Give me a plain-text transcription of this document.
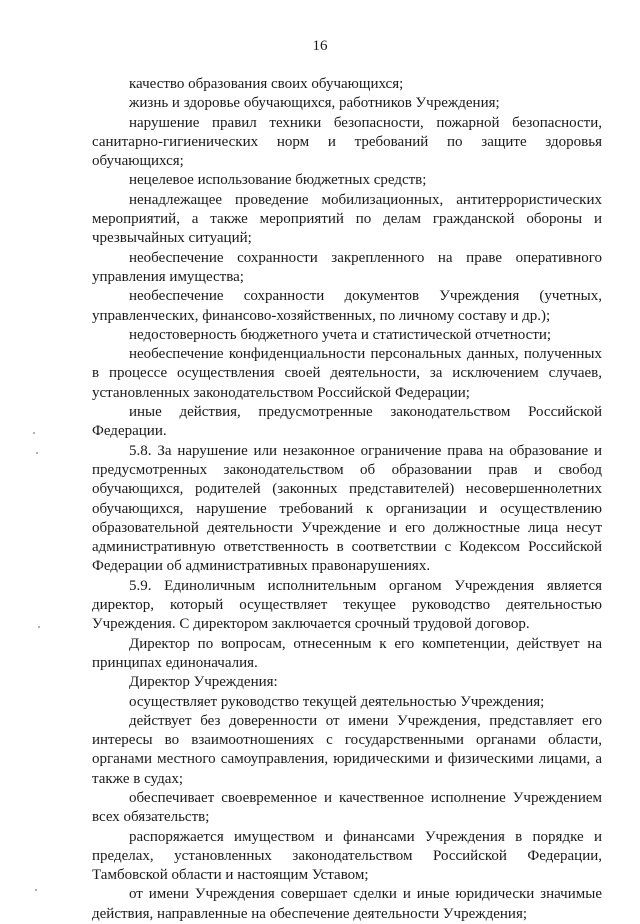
16

качество образования своих обучающихся;

жизнь и здоровье обучающихся, работников Учреждения;

нарушение правил техники безопасности, пожарной безопасности, санитарно-гигиенических норм и требований по защите здоровья обучающихся;

нецелевое использование бюджетных средств;

ненадлежащее проведение мобилизационных, антитеррористических мероприятий, а также мероприятий по делам гражданской обороны и чрезвычайных ситуаций;

необеспечение сохранности закрепленного на праве оперативного управления имущества;

необеспечение сохранности документов Учреждения (учетных, управленческих, финансово-хозяйственных, по личному составу и др.);

недостоверность бюджетного учета и статистической отчетности;

необеспечение конфиденциальности персональных данных, полученных в процессе осуществления своей деятельности, за исключением случаев, установленных законодательством Российской Федерации;

иные действия, предусмотренные законодательством Российской Федерации.

5.8. За нарушение или незаконное ограничение права на образование и предусмотренных законодательством об образовании прав и свобод обучающихся, родителей (законных представителей) несовершеннолетних обучающихся, нарушение требований к организации и осуществлению образовательной деятельности Учреждение и его должностные лица несут административную ответственность в соответствии с Кодексом Российской Федерации об административных правонарушениях.

5.9. Единоличным исполнительным органом Учреждения является директор, который осуществляет текущее руководство деятельностью Учреждения. С директором заключается срочный трудовой договор.

Директор по вопросам, отнесенным к его компетенции, действует на принципах единоначалия.

Директор Учреждения:

осуществляет руководство текущей деятельностью Учреждения;

действует без доверенности от имени Учреждения, представляет его интересы во взаимоотношениях с государственными органами области, органами местного самоуправления, юридическими и физическими лицами, а также в судах;

обеспечивает своевременное и качественное исполнение Учреждением всех обязательств;

распоряжается имуществом и финансами Учреждения в порядке и пределах, установленных законодательством Российской Федерации, Тамбовской области и настоящим Уставом;

от имени Учреждения совершает сделки и иные юридически значимые действия, направленные на обеспечение деятельности Учреждения;
